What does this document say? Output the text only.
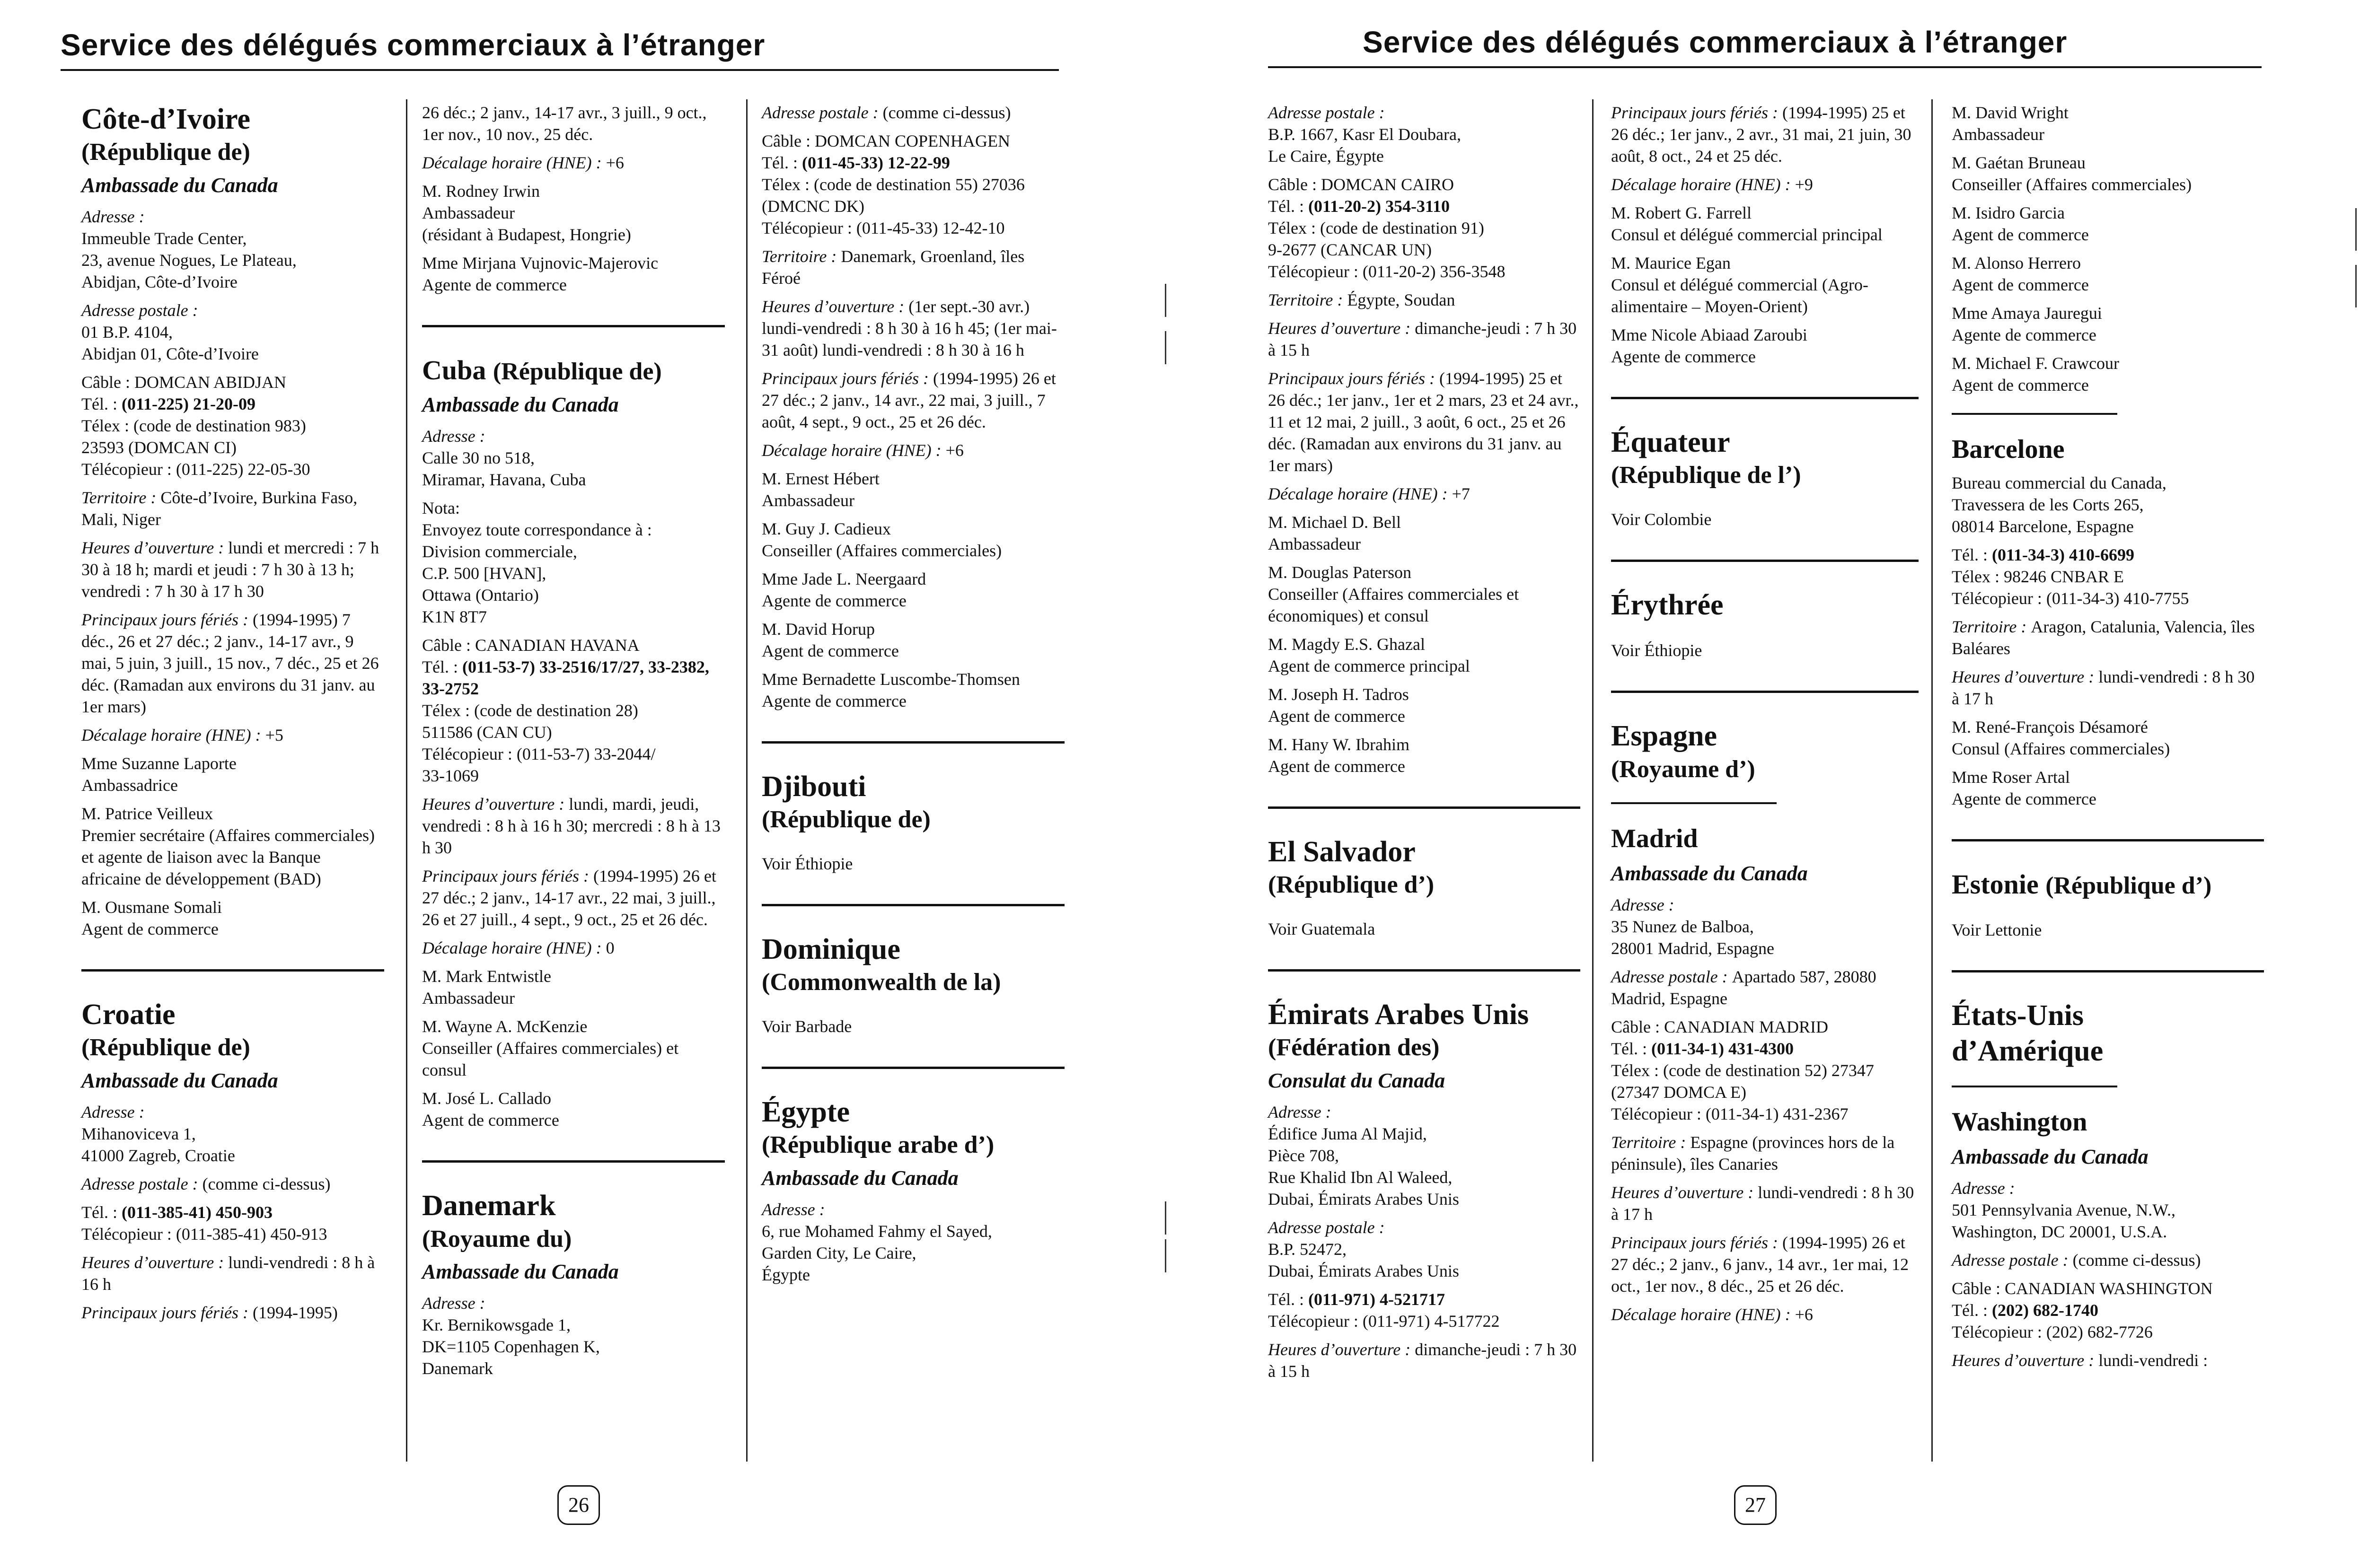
Service des délégués commerciaux à l’étranger
Côte-d’Ivoire
(République de)
Ambassade du Canada
Adresse :
Immeuble Trade Center,
23, avenue Nogues, Le Plateau,
Abidjan, Côte-d’Ivoire
Adresse postale :
01 B.P. 4104,
Abidjan 01, Côte-d’Ivoire
Câble : DOMCAN ABIDJAN
Tél. : (011-225) 21-20-09
Télex : (code de destination 983)
23593 (DOMCAN CI)
Télécopieur : (011-225) 22-05-30
Territoire : Côte-d’Ivoire, Burkina Faso, Mali, Niger
Heures d’ouverture : lundi et mercredi : 7 h 30 à 18 h; mardi et jeudi : 7 h 30 à 13 h; vendredi : 7 h 30 à 17 h 30
Principaux jours fériés : (1994-1995) 7 déc., 26 et 27 déc.; 2 janv., 14-17 avr., 9 mai, 5 juin, 3 juill., 15 nov., 7 déc., 25 et 26 déc. (Ramadan aux environs du 31 janv. au 1er mars)
Décalage horaire (HNE) : +5
Mme Suzanne Laporte
Ambassadrice
M. Patrice Veilleux
Premier secrétaire (Affaires commerciales) et agente de liaison avec la Banque africaine de développement (BAD)
M. Ousmane Somali
Agent de commerce
Croatie
(République de)
Ambassade du Canada
Adresse :
Mihanoviceva 1,
41000 Zagreb, Croatie
Adresse postale : (comme ci-dessus)
Tél. : (011-385-41) 450-903
Télécopieur : (011-385-41) 450-913
Heures d’ouverture : lundi-vendredi : 8 h à 16 h
Principaux jours fériés : (1994-1995)
26 déc.; 2 janv., 14-17 avr., 3 juill., 9 oct., 1er nov., 10 nov., 25 déc.
Décalage horaire (HNE) : +6
M. Rodney Irwin
Ambassadeur
(résidant à Budapest, Hongrie)
Mme Mirjana Vujnovic-Majerovic
Agente de commerce
Cuba (République de)
Ambassade du Canada
Adresse :
Calle 30 no 518,
Miramar, Havana, Cuba
Nota:
Envoyez toute correspondance à :
Division commerciale,
C.P. 500 [HVAN],
Ottawa (Ontario)
K1N 8T7
Câble : CANADIAN HAVANA
Tél. : (011-53-7) 33-2516/17/27, 33-2382, 33-2752
Télex : (code de destination 28)
511586 (CAN CU)
Télécopieur : (011-53-7) 33-2044/
33-1069
Heures d’ouverture : lundi, mardi, jeudi, vendredi : 8 h à 16 h 30; mercredi : 8 h à 13 h 30
Principaux jours fériés : (1994-1995) 26 et 27 déc.; 2 janv., 14-17 avr., 22 mai, 3 juill., 26 et 27 juill., 4 sept., 9 oct., 25 et 26 déc.
Décalage horaire (HNE) : 0
M. Mark Entwistle
Ambassadeur
M. Wayne A. McKenzie
Conseiller (Affaires commerciales) et consul
M. José L. Callado
Agent de commerce
Danemark
(Royaume du)
Ambassade du Canada
Adresse :
Kr. Bernikowsgade 1,
DK=1105 Copenhagen K,
Danemark
Adresse postale : (comme ci-dessus)
Câble : DOMCAN COPENHAGEN
Tél. : (011-45-33) 12-22-99
Télex : (code de destination 55) 27036
(DMCNC DK)
Télécopieur : (011-45-33) 12-42-10
Territoire : Danemark, Groenland, îles Féroé
Heures d’ouverture : (1er sept.-30 avr.) lundi-vendredi : 8 h 30 à 16 h 45; (1er mai-31 août) lundi-vendredi : 8 h 30 à 16 h
Principaux jours fériés : (1994-1995) 26 et 27 déc.; 2 janv., 14 avr., 22 mai, 3 juill., 7 août, 4 sept., 9 oct., 25 et 26 déc.
Décalage horaire (HNE) : +6
M. Ernest Hébert
Ambassadeur
M. Guy J. Cadieux
Conseiller (Affaires commerciales)
Mme Jade L. Neergaard
Agente de commerce
M. David Horup
Agent de commerce
Mme Bernadette Luscombe-Thomsen
Agente de commerce
Djibouti
(République de)
Voir Éthiopie
Dominique
(Commonwealth de la)
Voir Barbade
Égypte
(République arabe d’)
Ambassade du Canada
Adresse :
6, rue Mohamed Fahmy el Sayed,
Garden City, Le Caire,
Égypte
26
Service des délégués commerciaux à l’étranger
Adresse postale :
B.P. 1667, Kasr El Doubara,
Le Caire, Égypte
Câble : DOMCAN CAIRO
Tél. : (011-20-2) 354-3110
Télex : (code de destination 91)
9-2677 (CANCAR UN)
Télécopieur : (011-20-2) 356-3548
Territoire : Égypte, Soudan
Heures d’ouverture : dimanche-jeudi : 7 h 30 à 15 h
Principaux jours fériés : (1994-1995) 25 et 26 déc.; 1er janv., 1er et 2 mars, 23 et 24 avr., 11 et 12 mai, 2 juill., 3 août, 6 oct., 25 et 26 déc. (Ramadan aux environs du 31 janv. au 1er mars)
Décalage horaire (HNE) : +7
M. Michael D. Bell
Ambassadeur
M. Douglas Paterson
Conseiller (Affaires commerciales et économiques) et consul
M. Magdy E.S. Ghazal
Agent de commerce principal
M. Joseph H. Tadros
Agent de commerce
M. Hany W. Ibrahim
Agent de commerce
El Salvador
(République d’)
Voir Guatemala
Émirats Arabes Unis
(Fédération des)
Consulat du Canada
Adresse :
Édifice Juma Al Majid,
Pièce 708,
Rue Khalid Ibn Al Waleed,
Dubai, Émirats Arabes Unis
Adresse postale :
B.P. 52472,
Dubai, Émirats Arabes Unis
Tél. : (011-971) 4-521717
Télécopieur : (011-971) 4-517722
Heures d’ouverture : dimanche-jeudi : 7 h 30 à 15 h
Principaux jours fériés : (1994-1995) 25 et 26 déc.; 1er janv., 2 avr., 31 mai, 21 juin, 30 août, 8 oct., 24 et 25 déc.
Décalage horaire (HNE) : +9
M. Robert G. Farrell
Consul et délégué commercial principal
M. Maurice Egan
Consul et délégué commercial (Agro-alimentaire – Moyen-Orient)
Mme Nicole Abiaad Zaroubi
Agente de commerce
Équateur
(République de l’)
Voir Colombie
Érythrée
Voir Éthiopie
Espagne
(Royaume d’)
Madrid
Ambassade du Canada
Adresse :
35 Nunez de Balboa,
28001 Madrid, Espagne
Adresse postale : Apartado 587, 28080 Madrid, Espagne
Câble : CANADIAN MADRID
Tél. : (011-34-1) 431-4300
Télex : (code de destination 52) 27347
(27347 DOMCA E)
Télécopieur : (011-34-1) 431-2367
Territoire : Espagne (provinces hors de la péninsule), îles Canaries
Heures d’ouverture : lundi-vendredi : 8 h 30 à 17 h
Principaux jours fériés : (1994-1995) 26 et 27 déc.; 2 janv., 6 janv., 14 avr., 1er mai, 12 oct., 1er nov., 8 déc., 25 et 26 déc.
Décalage horaire (HNE) : +6
M. David Wright
Ambassadeur
M. Gaétan Bruneau
Conseiller (Affaires commerciales)
M. Isidro Garcia
Agent de commerce
M. Alonso Herrero
Agent de commerce
Mme Amaya Jauregui
Agente de commerce
M. Michael F. Crawcour
Agent de commerce
Barcelone
Bureau commercial du Canada,
Travessera de les Corts 265,
08014 Barcelone, Espagne
Tél. : (011-34-3) 410-6699
Télex : 98246 CNBAR E
Télécopieur : (011-34-3) 410-7755
Territoire : Aragon, Catalunia, Valencia, îles Baléares
Heures d’ouverture : lundi-vendredi : 8 h 30 à 17 h
M. René-François Désamoré
Consul (Affaires commerciales)
Mme Roser Artal
Agente de commerce
Estonie (République d’)
Voir Lettonie
États-Unis d’Amérique
Washington
Ambassade du Canada
Adresse :
501 Pennsylvania Avenue, N.W.,
Washington, DC 20001, U.S.A.
Adresse postale : (comme ci-dessus)
Câble : CANADIAN WASHINGTON
Tél. : (202) 682-1740
Télécopieur : (202) 682-7726
Heures d’ouverture : lundi-vendredi :
27
